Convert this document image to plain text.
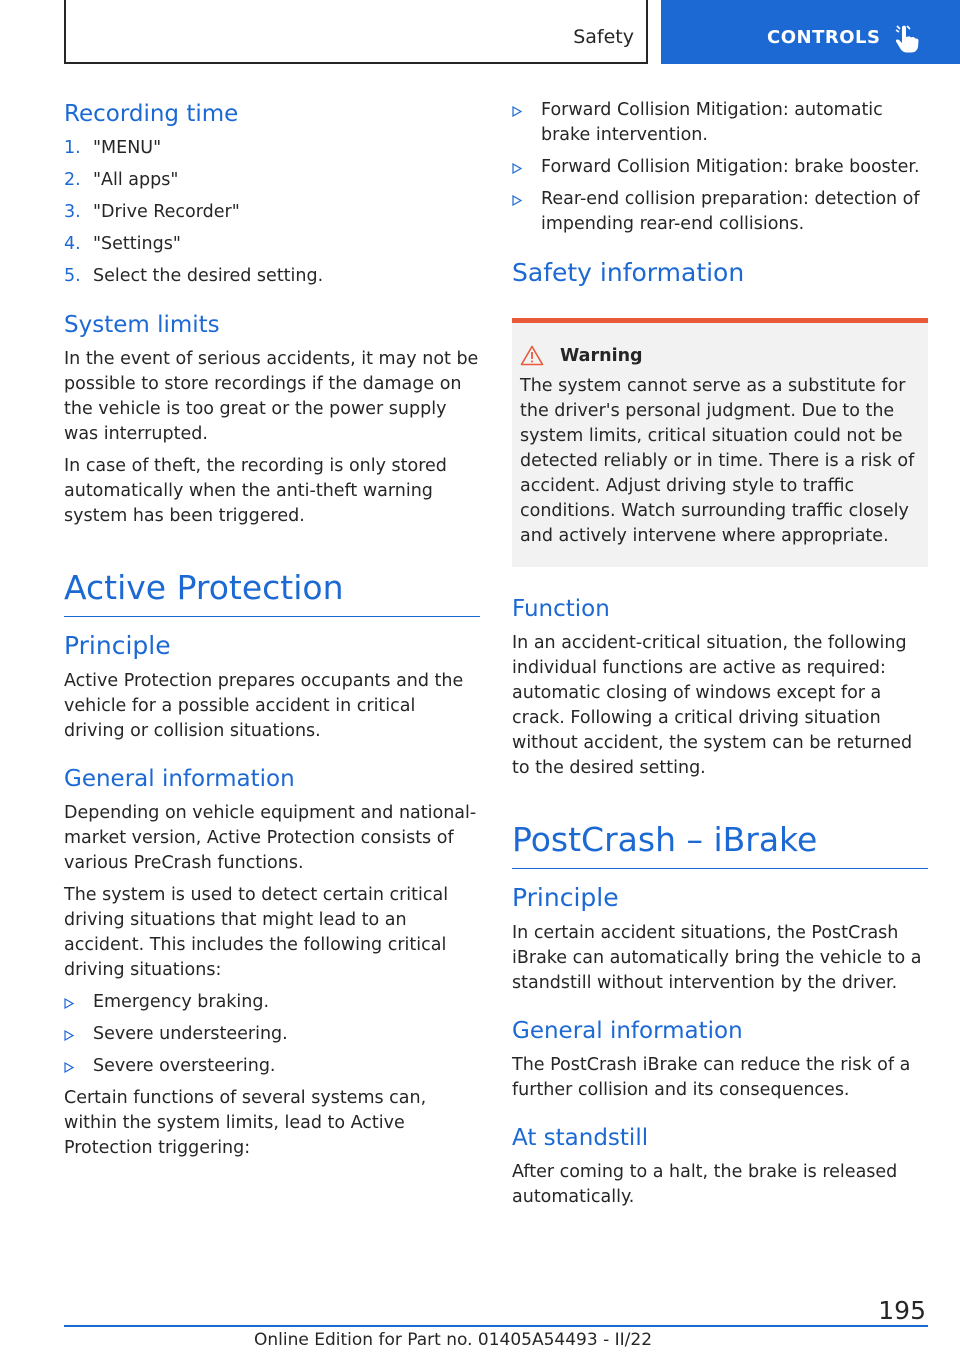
Safety	CONTROLS
Recording time
1. "MENU"
2. "All apps"
3. "Drive Recorder"
4. "Settings"
5. Select the desired setting.
System limits

In the event of serious accidents, it may not be possible to store recordings if the damage on the vehicle is too great or the power supply was interrupted.

In case of theft, the recording is only stored automatically when the anti-theft warning system has been triggered.

Active Protection
Principle

Active Protection prepares occupants and the vehicle for a possible accident in critical driving or collision situations.

General information

Depending on vehicle equipment and national-market version, Active Protection consists of various PreCrash functions.

The system is used to detect certain critical driving situations that might lead to an accident. This includes the following critical driving situations:

Emergency braking.
Severe understeering.
Severe oversteering.

Certain functions of several systems can, within the system limits, lead to Active Protection triggering:

Forward Collision Mitigation: automatic brake intervention.
Forward Collision Mitigation: brake booster.
Rear-end collision preparation: detection of impending rear-end collisions.
Safety information
Warning

The system cannot serve as a substitute for the driver's personal judgment. Due to the system limits, critical situation could not be detected reliably or in time. There is a risk of accident. Adjust driving style to traffic conditions. Watch surrounding traffic closely and actively intervene where appropriate.

Function

In an accident-critical situation, the following individual functions are active as required: automatic closing of windows except for a crack. Following a critical driving situation without accident, the system can be returned to the desired setting.

PostCrash – iBrake
Principle

In certain accident situations, the PostCrash iBrake can automatically bring the vehicle to a standstill without intervention by the driver.

General information

The PostCrash iBrake can reduce the risk of a further collision and its consequences.

At standstill

After coming to a halt, the brake is released automatically.

195
Online Edition for Part no. 01405A54493 - II/22
